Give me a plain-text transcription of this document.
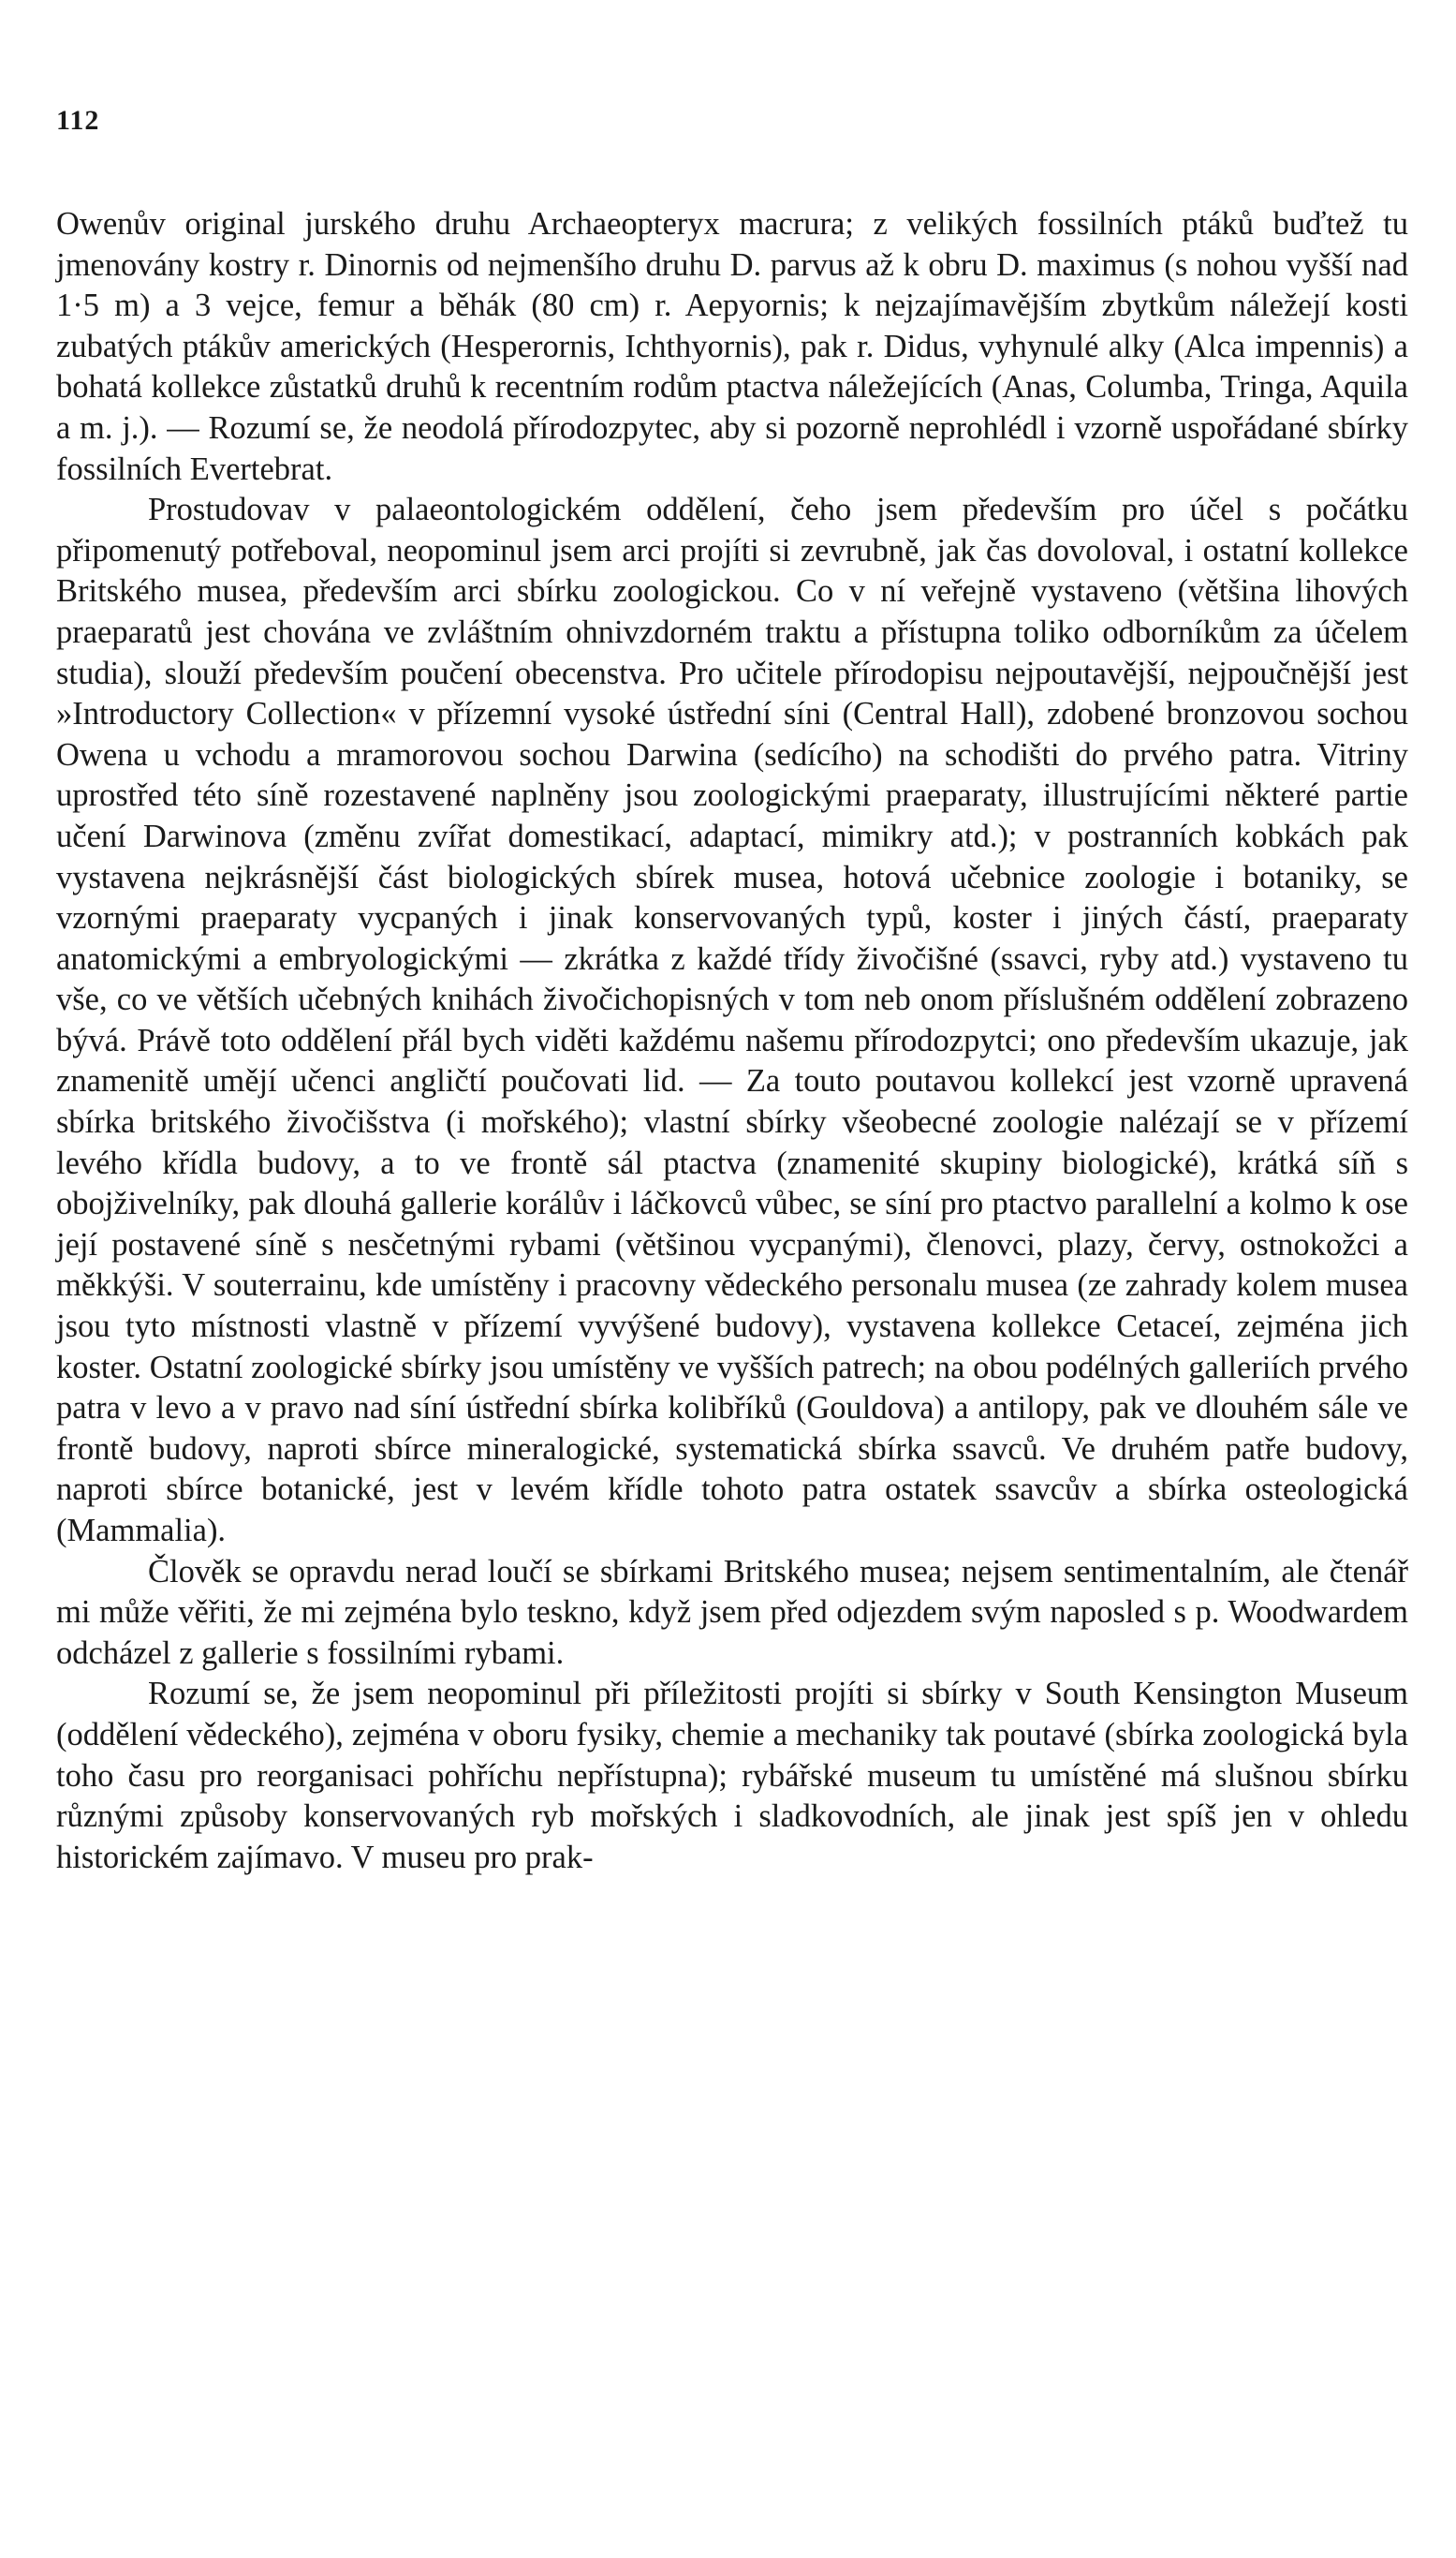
112

Owenův original jurského druhu Archaeopteryx macrura; z velikých fossilních ptáků buďtež tu jmenovány kostry r. Dinornis od nejmenšího druhu D. parvus až k obru D. maximus (s nohou vyšší nad 1·5 m) a 3 vejce, femur a běhák (80 cm) r. Aepyornis; k nejzajímavějším zbytkům náležejí kosti zubatých ptákův amerických (Hesperornis, Ichthyornis), pak r. Didus, vyhynulé alky (Alca impennis) a bohatá kollekce zůstatků druhů k recentním rodům ptactva náležejících (Anas, Columba, Tringa, Aquila a m. j.). — Rozumí se, že neodolá přírodozpytec, aby si pozorně neprohlédl i vzorně uspořádané sbírky fossilních Evertebrat.

Prostudovav v palaeontologickém oddělení, čeho jsem především pro účel s počátku připomenutý potřeboval, neopominul jsem arci projíti si zevrubně, jak čas dovoloval, i ostatní kollekce Britského musea, především arci sbírku zoologickou. Co v ní veřejně vystaveno (většina lihových praeparatů jest chována ve zvláštním ohnivzdorném traktu a přístupna toliko odborníkům za účelem studia), slouží především poučení obecenstva. Pro učitele přírodopisu nejpoutavější, nejpoučnější jest »Introductory Collection« v přízemní vysoké ústřední síni (Central Hall), zdobené bronzovou sochou Owena u vchodu a mramorovou sochou Darwina (sedícího) na schodišti do prvého patra. Vitriny uprostřed této síně rozestavené naplněny jsou zoologickými praeparaty, illustrujícími některé partie učení Darwinova (změnu zvířat domestikací, adaptací, mimikry atd.); v postranních kobkách pak vystavena nejkrásnější část biologických sbírek musea, hotová učebnice zoologie i botaniky, se vzornými praeparaty vycpaných i jinak konservovaných typů, koster i jiných částí, praeparaty anatomickými a embryologickými — zkrátka z každé třídy živočišné (ssavci, ryby atd.) vystaveno tu vše, co ve větších učebných knihách živočichopisných v tom neb onom příslušném oddělení zobrazeno bývá. Právě toto oddělení přál bych viděti každému našemu přírodozpytci; ono především ukazuje, jak znamenitě umějí učenci angličtí poučovati lid. — Za touto poutavou kollekcí jest vzorně upravená sbírka britského živočišstva (i mořského); vlastní sbírky všeobecné zoologie nalézají se v přízemí levého křídla budovy, a to ve frontě sál ptactva (znamenité skupiny biologické), krátká síň s obojživelníky, pak dlouhá gallerie korálův i láčkovců vůbec, se síní pro ptactvo parallelní a kolmo k ose její postavené síně s nesčetnými rybami (většinou vycpanými), členovci, plazy, červy, ostnokožci a měkkýši. V souterrainu, kde umístěny i pracovny vědeckého personalu musea (ze zahrady kolem musea jsou tyto místnosti vlastně v přízemí vyvýšené budovy), vystavena kollekce Cetaceí, zejména jich koster. Ostatní zoologické sbírky jsou umístěny ve vyšších patrech; na obou podélných galleriích prvého patra v levo a v pravo nad síní ústřední sbírka kolibříků (Gouldova) a antilopy, pak ve dlouhém sále ve frontě budovy, naproti sbírce mineralogické, systematická sbírka ssavců. Ve druhém patře budovy, naproti sbírce botanické, jest v levém křídle tohoto patra ostatek ssavcův a sbírka osteologická (Mammalia).

Člověk se opravdu nerad loučí se sbírkami Britského musea; nejsem sentimentalním, ale čtenář mi může věřiti, že mi zejména bylo teskno, když jsem před odjezdem svým naposled s p. Woodwardem odcházel z gallerie s fossilními rybami.

Rozumí se, že jsem neopominul při příležitosti projíti si sbírky v South Kensington Museum (oddělení vědeckého), zejména v oboru fysiky, chemie a mechaniky tak poutavé (sbírka zoologická byla toho času pro reorganisaci pohříchu nepřístupna); rybářské museum tu umístěné má slušnou sbírku různými způsoby konservovaných ryb mořských i sladkovodních, ale jinak jest spíš jen v ohledu historickém zajímavo. V museu pro prak-
